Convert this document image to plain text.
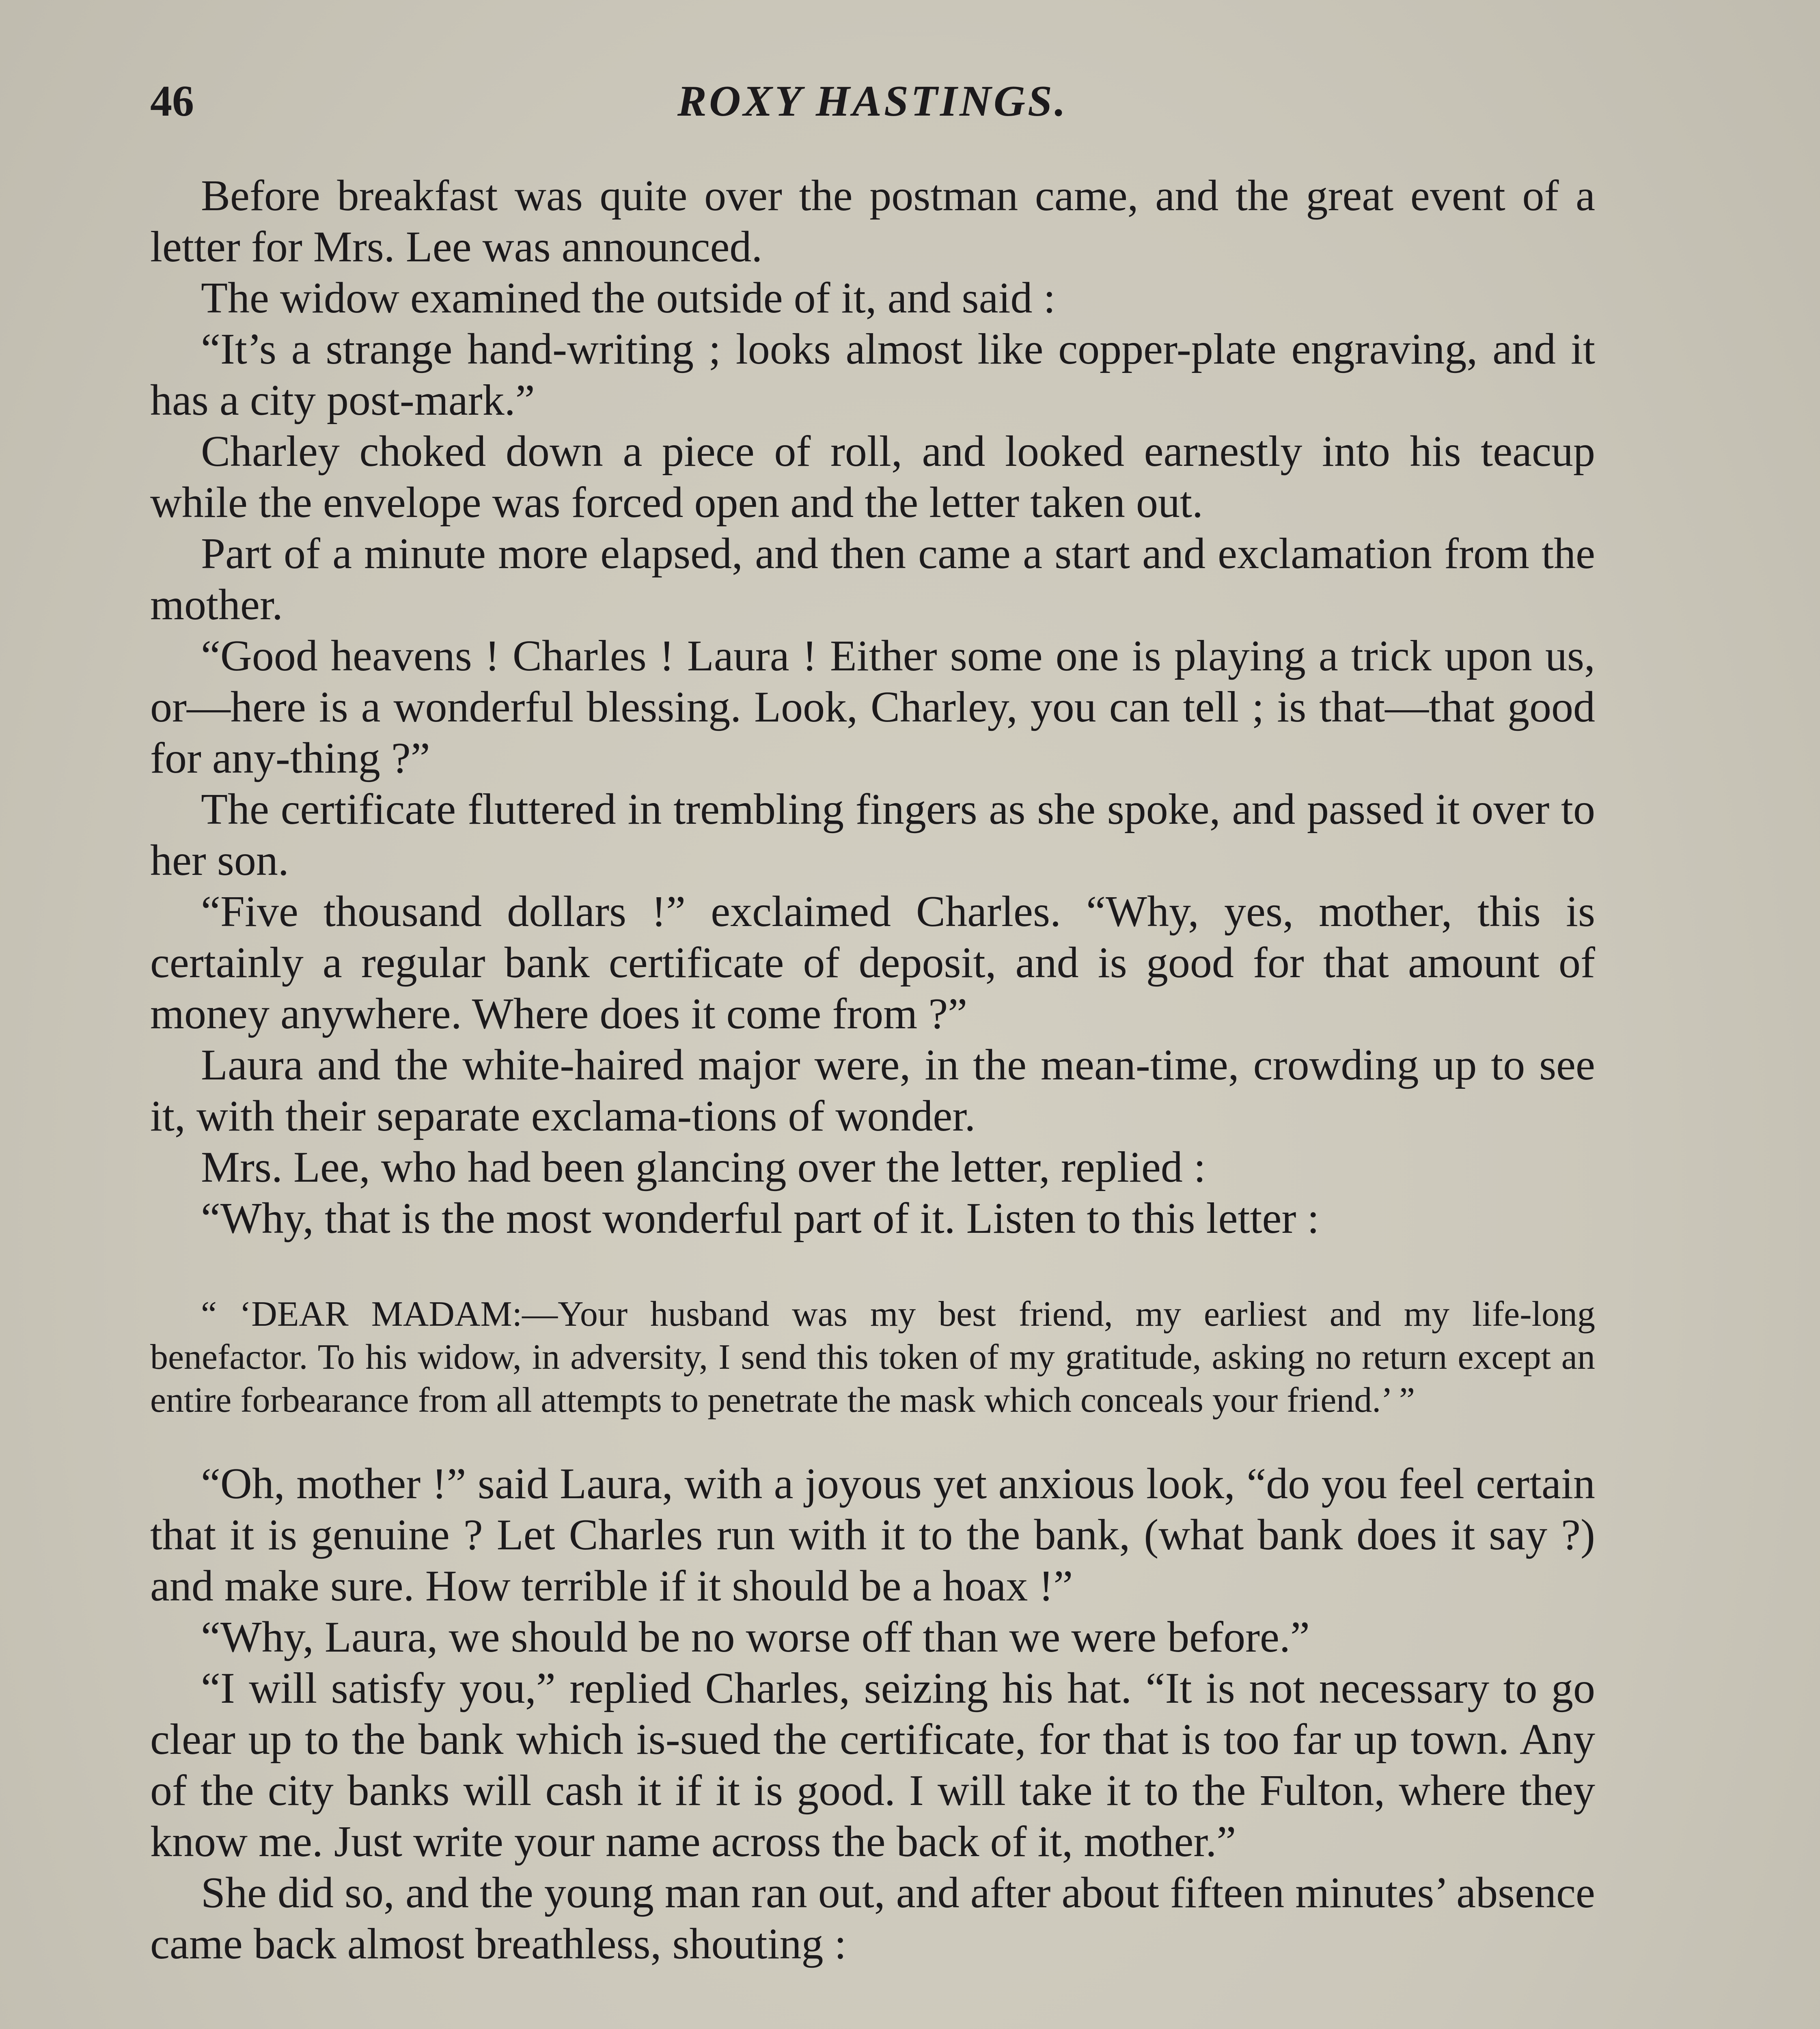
46	ROXY HASTINGS.

Before breakfast was quite over the postman came, and the great event of a letter for Mrs. Lee was announced.

The widow examined the outside of it, and said :

“It’s a strange hand-writing ; looks almost like copper-plate engraving, and it has a city post-mark.”

Charley choked down a piece of roll, and looked earnestly into his teacup while the envelope was forced open and the letter taken out.

Part of a minute more elapsed, and then came a start and exclamation from the mother.

“Good heavens ! Charles ! Laura ! Either some one is playing a trick upon us, or—here is a wonderful blessing. Look, Charley, you can tell ; is that—that good for any-thing ?”

The certificate fluttered in trembling fingers as she spoke, and passed it over to her son.

“Five thousand dollars !” exclaimed Charles. “Why, yes, mother, this is certainly a regular bank certificate of deposit, and is good for that amount of money anywhere. Where does it come from ?”

Laura and the white-haired major were, in the mean-time, crowding up to see it, with their separate exclama-tions of wonder.

Mrs. Lee, who had been glancing over the letter, replied :

“Why, that is the most wonderful part of it. Listen to this letter :

“ ‘DEAR MADAM:—Your husband was my best friend, my earliest and my life-long benefactor. To his widow, in adversity, I send this token of my gratitude, asking no return except an entire forbearance from all attempts to penetrate the mask which conceals your friend.’ ”

“Oh, mother !” said Laura, with a joyous yet anxious look, “do you feel certain that it is genuine ? Let Charles run with it to the bank, (what bank does it say ?) and make sure. How terrible if it should be a hoax !”

“Why, Laura, we should be no worse off than we were before.”

“I will satisfy you,” replied Charles, seizing his hat. “It is not necessary to go clear up to the bank which is-sued the certificate, for that is too far up town. Any of the city banks will cash it if it is good. I will take it to the Fulton, where they know me. Just write your name across the back of it, mother.”

She did so, and the young man ran out, and after about fifteen minutes’ absence came back almost breathless, shouting :
